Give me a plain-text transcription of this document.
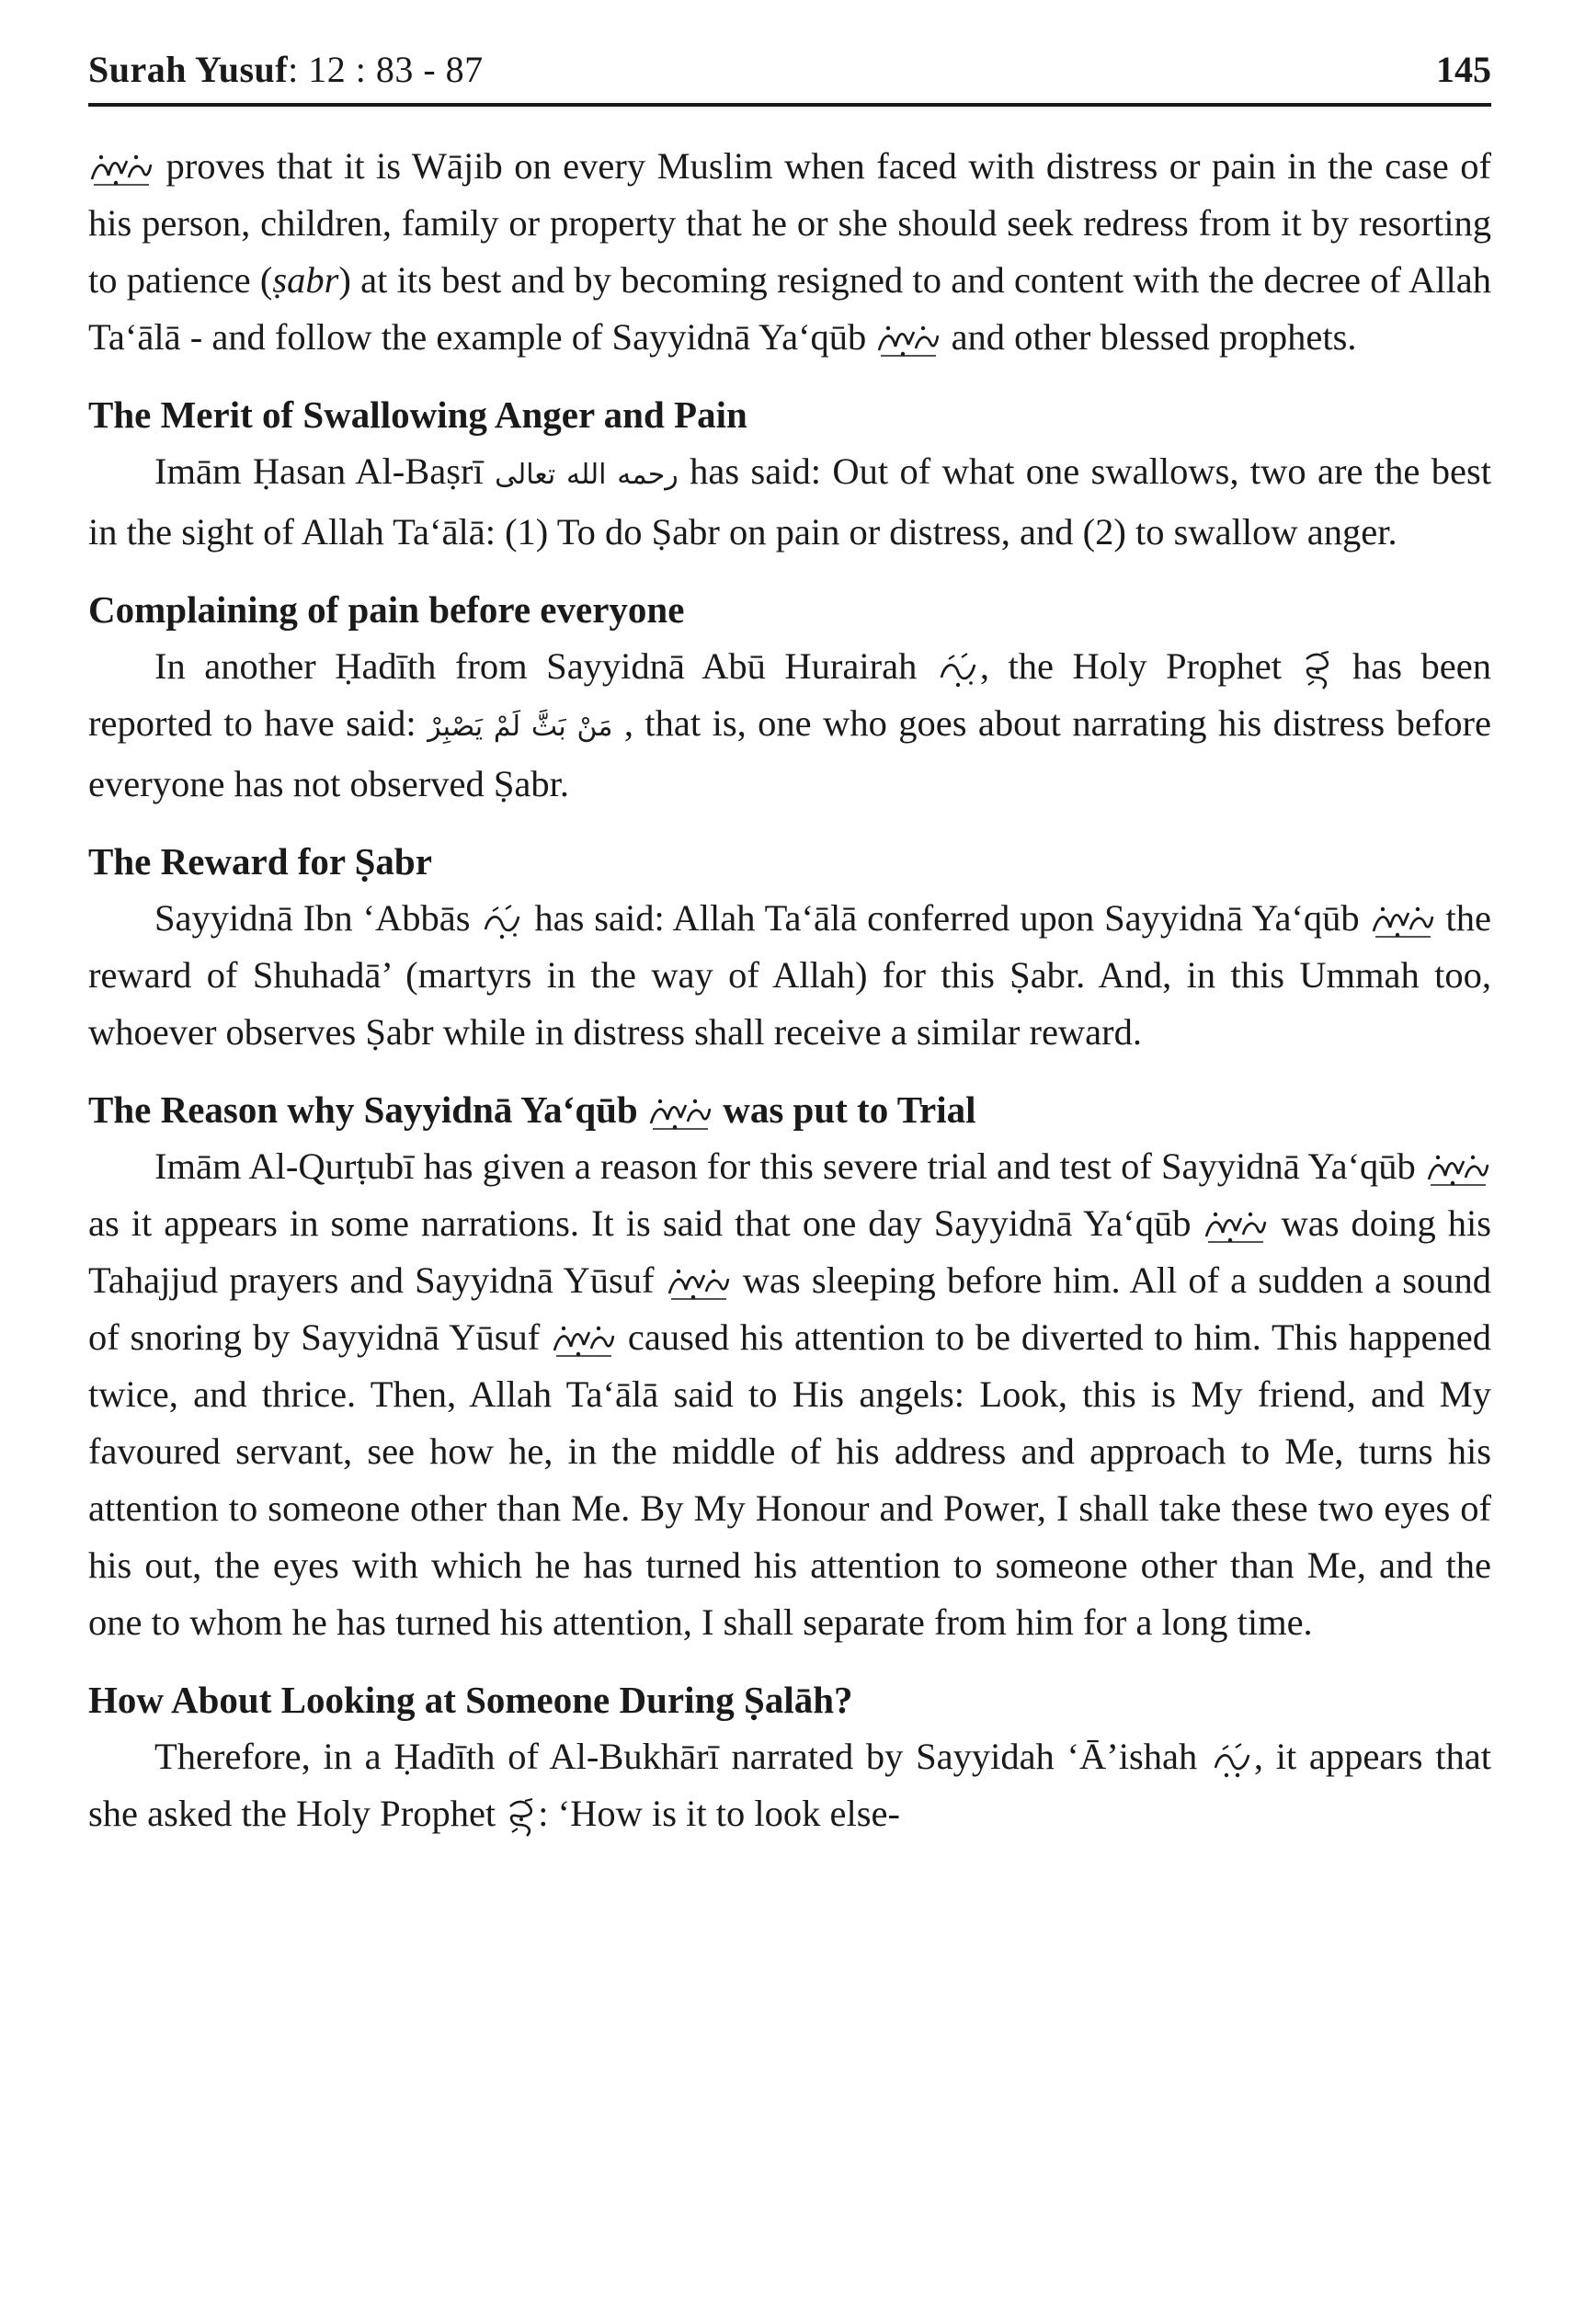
Surah Yusuf: 12 : 83 - 87	145

proves that it is Wājib on every Muslim when faced with distress or pain in the case of his person, children, family or property that he or she should seek redress from it by resorting to patience (ṣabr) at its best and by becoming resigned to and content with the decree of Allah Ta‘ālā - and follow the example of Sayyidnā Ya‘qūb
and other blessed prophets.

The Merit of Swallowing Anger and Pain

Imām Ḥasan Al-Baṣrī رحمه الله تعالى has said: Out of what one swallows, two are the best in the sight of Allah Ta‘ālā: (1) To do Ṣabr on pain or distress, and (2) to swallow anger.

Complaining of pain before everyone

In another Ḥadīth from Sayyidnā Abū Hurairah
, the Holy Prophet
has been reported to have said: مَنْ بَثَّ لَمْ يَصْبِرْ , that is, one who goes about narrating his distress before everyone has not observed Ṣabr.

The Reward for Ṣabr

Sayyidnā Ibn ‘Abbās
has said: Allah Ta‘ālā conferred upon Sayyidnā Ya‘qūb
the reward of Shuhadā’ (martyrs in the way of Allah) for this Ṣabr. And, in this Ummah too, whoever observes Ṣabr while in distress shall receive a similar reward.

The Reason why Sayyidnā Ya‘qūb
was put to Trial

Imām Al-Qurṭubī has given a reason for this severe trial and test of Sayyidnā Ya‘qūb
as it appears in some narrations. It is said that one day Sayyidnā Ya‘qūb
was doing his Tahajjud prayers and Sayyidnā Yūsuf
was sleeping before him. All of a sudden a sound of snoring by Sayyidnā Yūsuf
caused his attention to be diverted to him. This happened twice, and thrice. Then, Allah Ta‘ālā said to His angels: Look, this is My friend, and My favoured servant, see how he, in the middle of his address and approach to Me, turns his attention to someone other than Me. By My Honour and Power, I shall take these two eyes of his out, the eyes with which he has turned his attention to someone other than Me, and the one to whom he has turned his attention, I shall separate from him for a long time.

How About Looking at Someone During Ṣalāh?

Therefore, in a Ḥadīth of Al-Bukhārī narrated by Sayyidah ‘Ā’ishah
, it appears that she asked the Holy Prophet
: ‘How is it to look else-
